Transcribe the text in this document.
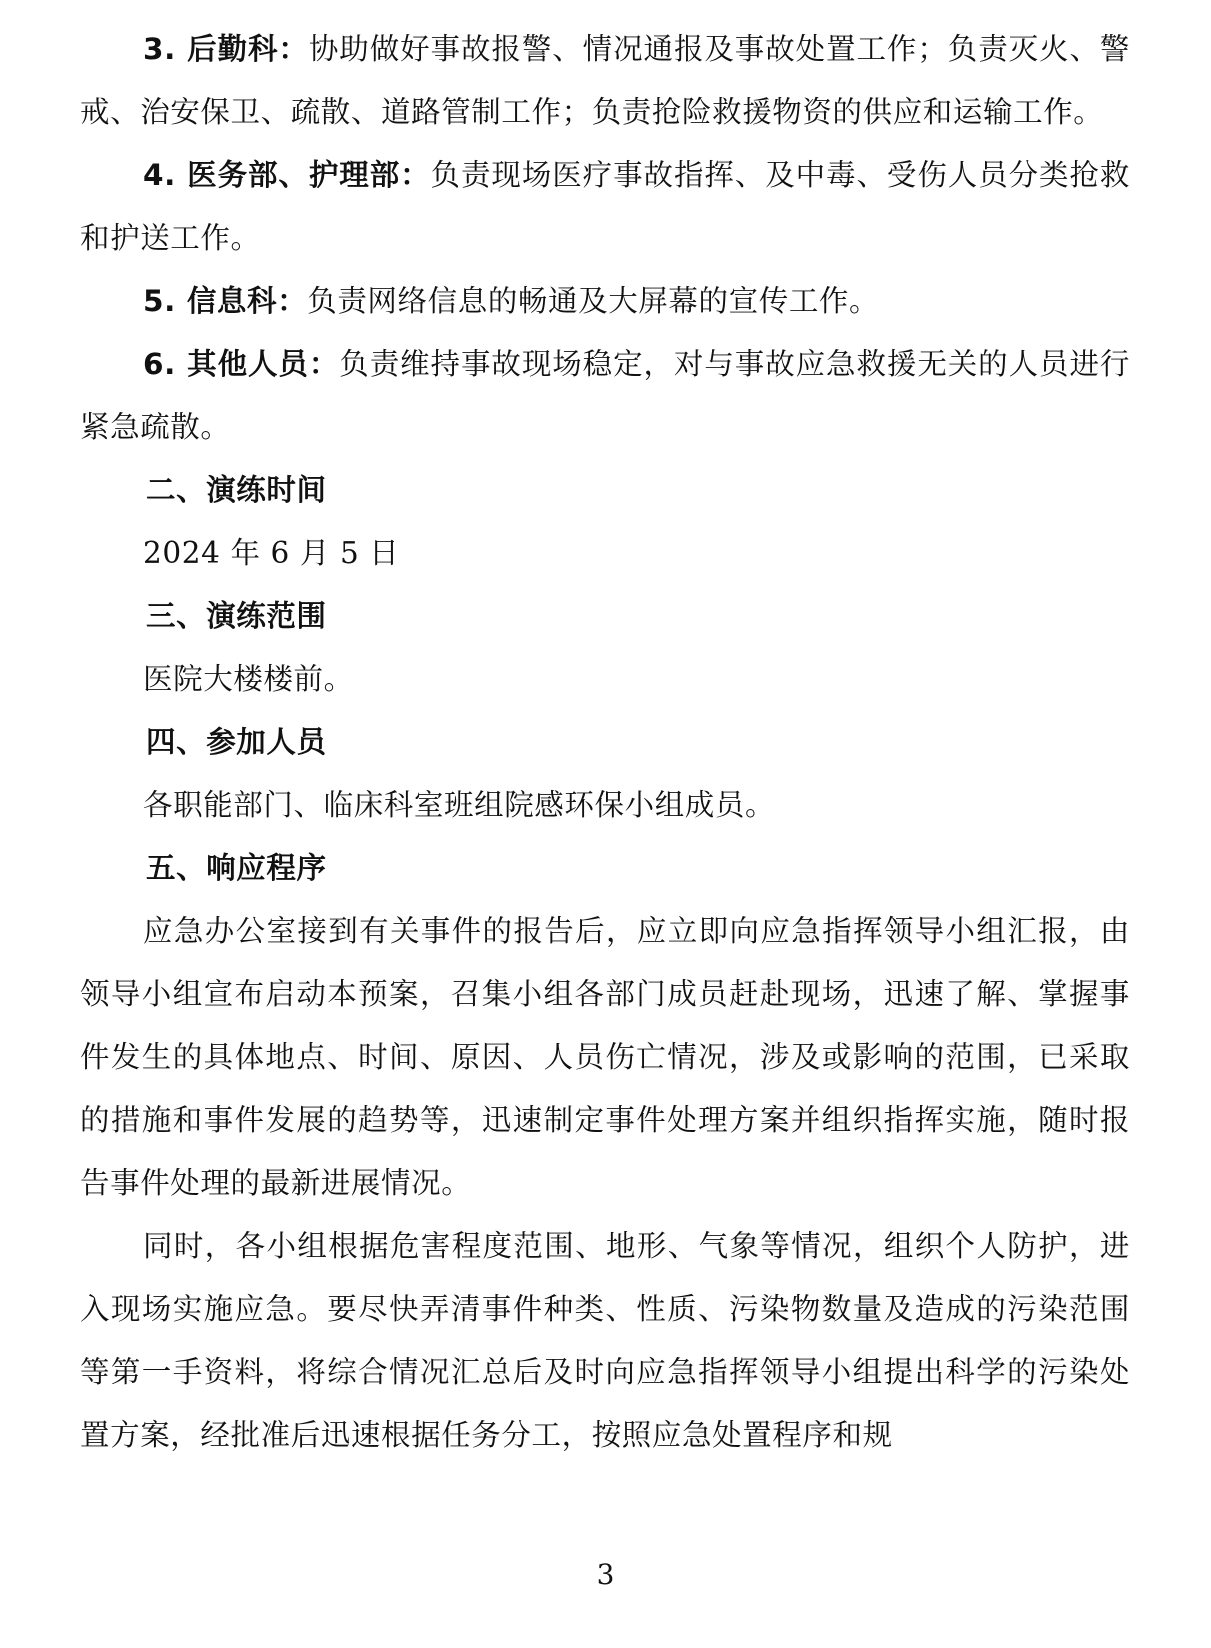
3. 后勤科：协助做好事故报警、情况通报及事故处置工作；负责灭火、警戒、治安保卫、疏散、道路管制工作；负责抢险救援物资的供应和运输工作。

4. 医务部、护理部：负责现场医疗事故指挥、及中毒、受伤人员分类抢救和护送工作。

5. 信息科：负责网络信息的畅通及大屏幕的宣传工作。

6. 其他人员：负责维持事故现场稳定，对与事故应急救援无关的人员进行紧急疏散。

二、演练时间

2024 年 6 月 5 日

三、演练范围

医院大楼楼前。

四、参加人员

各职能部门、临床科室班组院感环保小组成员。

五、响应程序

应急办公室接到有关事件的报告后，应立即向应急指挥领导小组汇报，由领导小组宣布启动本预案，召集小组各部门成员赶赴现场，迅速了解、掌握事件发生的具体地点、时间、原因、人员伤亡情况，涉及或影响的范围，已采取的措施和事件发展的趋势等，迅速制定事件处理方案并组织指挥实施，随时报告事件处理的最新进展情况。

同时，各小组根据危害程度范围、地形、气象等情况，组织个人防护，进入现场实施应急。要尽快弄清事件种类、性质、污染物数量及造成的污染范围等第一手资料，将综合情况汇总后及时向应急指挥领导小组提出科学的污染处置方案，经批准后迅速根据任务分工，按照应急处置程序和规

3
